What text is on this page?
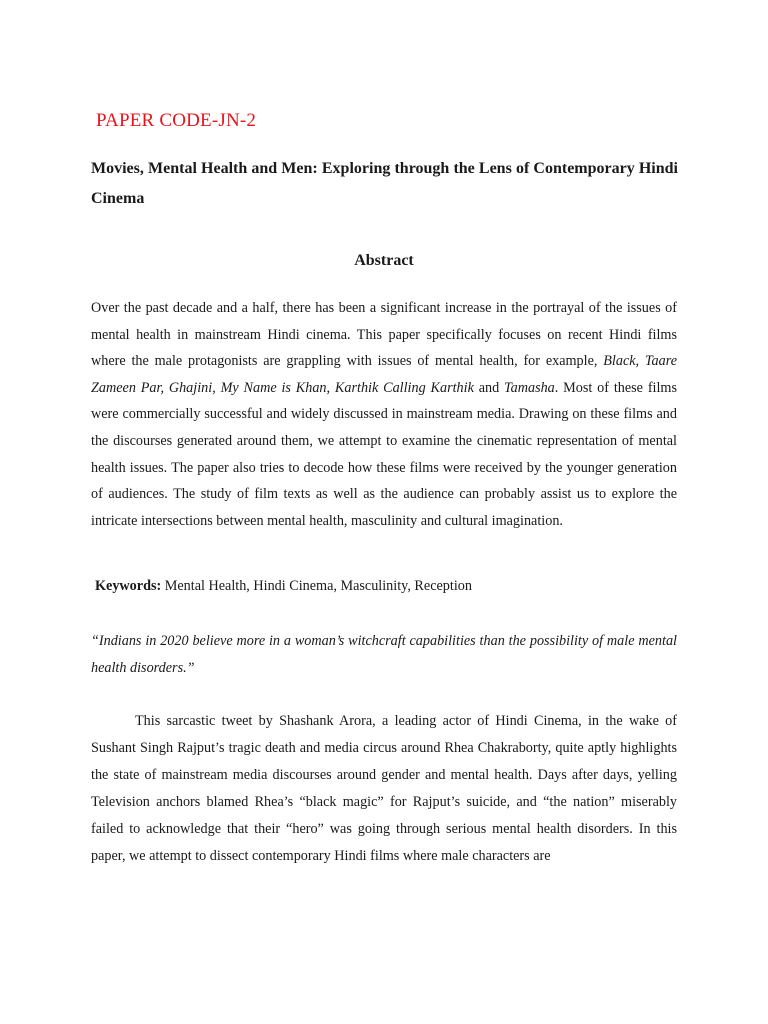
PAPER CODE-JN-2
Movies, Mental Health and Men: Exploring through the Lens of Contemporary Hindi Cinema
Abstract
Over the past decade and a half, there has been a significant increase in the portrayal of the issues of mental health in mainstream Hindi cinema. This paper specifically focuses on recent Hindi films where the male protagonists are grappling with issues of mental health, for example, Black, Taare Zameen Par, Ghajini, My Name is Khan, Karthik Calling Karthik and Tamasha. Most of these films were commercially successful and widely discussed in mainstream media. Drawing on these films and the discourses generated around them, we attempt to examine the cinematic representation of mental health issues. The paper also tries to decode how these films were received by the younger generation of audiences. The study of film texts as well as the audience can probably assist us to explore the intricate intersections between mental health, masculinity and cultural imagination.
Keywords: Mental Health, Hindi Cinema, Masculinity, Reception
“Indians in 2020 believe more in a woman’s witchcraft capabilities than the possibility of male mental health disorders.”
This sarcastic tweet by Shashank Arora, a leading actor of Hindi Cinema, in the wake of Sushant Singh Rajput’s tragic death and media circus around Rhea Chakraborty, quite aptly highlights the state of mainstream media discourses around gender and mental health. Days after days, yelling Television anchors blamed Rhea’s “black magic” for Rajput’s suicide, and “the nation” miserably failed to acknowledge that their “hero” was going through serious mental health disorders. In this paper, we attempt to dissect contemporary Hindi films where male characters are
